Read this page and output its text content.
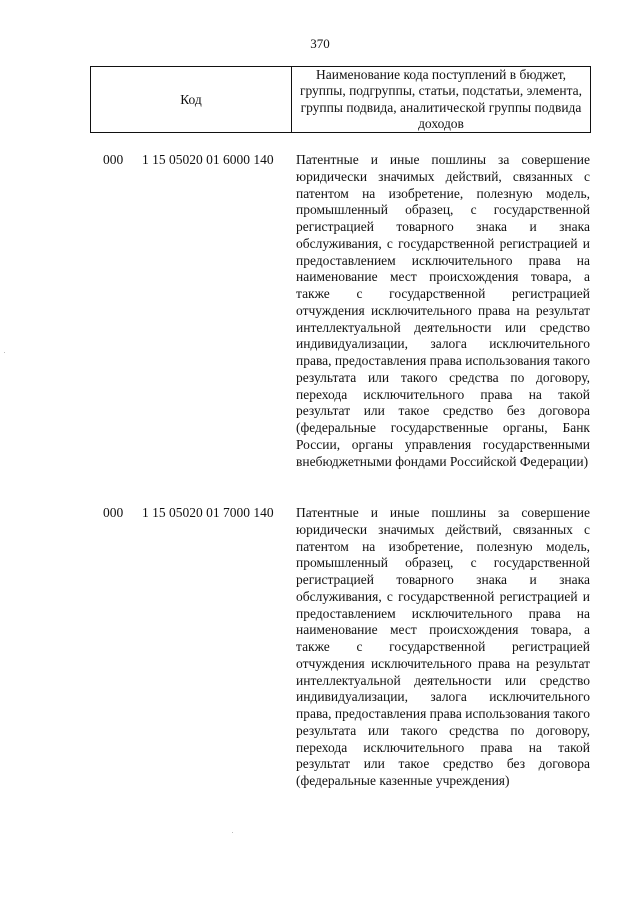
370
Код
Наименование кода поступлений в бюджет, группы, подгруппы, статьи, подстатьи, элемента, группы подвида, аналитической группы подвида доходов
000 1 15 05020 01 6000 140 Патентные и иные пошлины за совершение юридически значимых действий, связанных с патентом на изобретение, полезную модель, промышленный образец, с государственной регистрацией товарного знака и знака обслуживания, с государственной регистрацией и предоставлением исключительного права на наименование мест происхождения товара, а также с государственной регистрацией отчуждения исключительного права на результат интеллектуальной деятельности или средство индивидуализации, залога исключительного права, предоставления права использования такого результата или такого средства по договору, перехода исключительного права на такой результат или такое средство без договора (федеральные государственные органы, Банк России, органы управления государственными внебюджетными фондами Российской Федерации)
000 1 15 05020 01 7000 140 Патентные и иные пошлины за совершение юридически значимых действий, связанных с патентом на изобретение, полезную модель, промышленный образец, с государственной регистрацией товарного знака и знака обслуживания, с государственной регистрацией и предоставлением исключительного права на наименование мест происхождения товара, а также с государственной регистрацией отчуждения исключительного права на результат интеллектуальной деятельности или средство индивидуализации, залога исключительного права, предоставления права использования такого результата или такого средства по договору, перехода исключительного права на такой результат или такое средство без договора (федеральные казенные учреждения)
